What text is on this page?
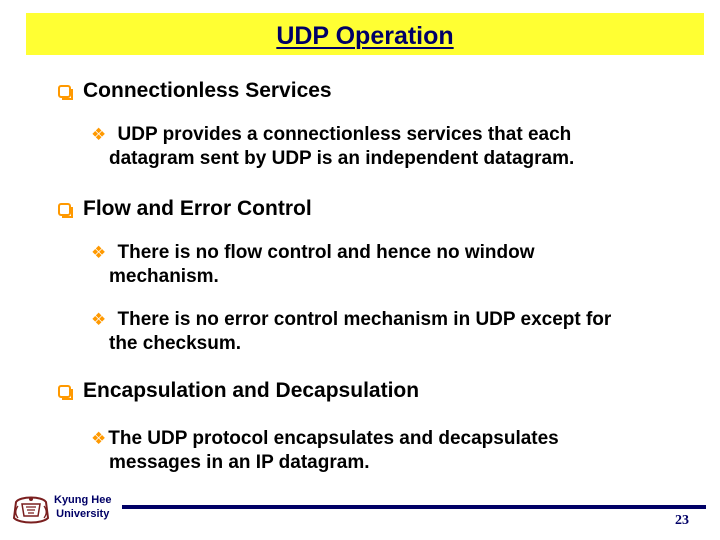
UDP Operation
Connectionless Services
❖ UDP provides a connectionless services that each
datagram sent by UDP is an independent datagram.
Flow and Error Control
❖ There is no flow control and hence no window
mechanism.
❖ There is no error control mechanism in UDP except for
the checksum.
Encapsulation and Decapsulation
❖ The UDP protocol encapsulates and decapsulates
messages in an IP datagram.
Kyung Hee
University	23
